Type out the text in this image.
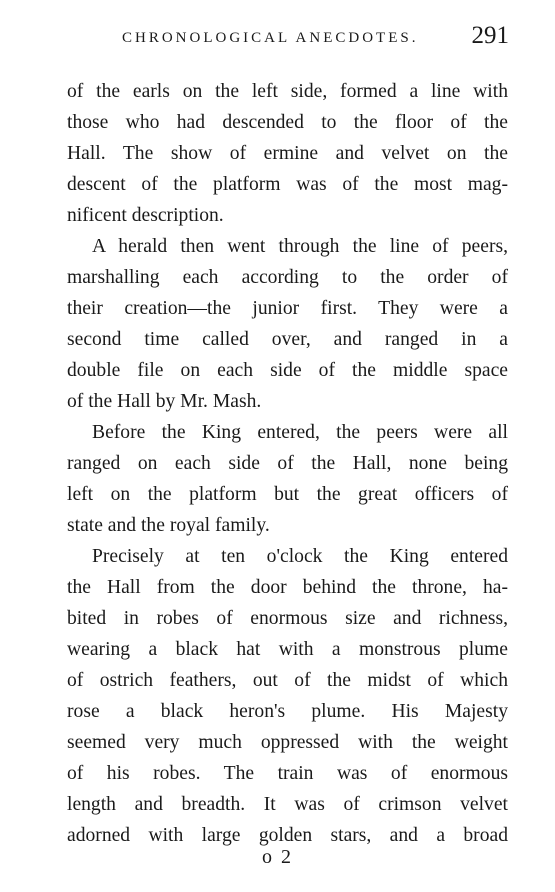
CHRONOLOGICAL ANECDOTES. 291
of the earls on the left side, formed a line with
those who had descended to the floor of the
Hall. The show of ermine and velvet on the
descent of the platform was of the most mag-
nificent description.
A herald then went through the line of peers,
marshalling each according to the order of
their creation—the junior first. They were a
second time called over, and ranged in a
double file on each side of the middle space
of the Hall by Mr. Mash.
Before the King entered, the peers were all
ranged on each side of the Hall, none being
left on the platform but the great officers of
state and the royal family.
Precisely at ten o'clock the King entered
the Hall from the door behind the throne, ha-
bited in robes of enormous size and richness,
wearing a black hat with a monstrous plume
of ostrich feathers, out of the midst of which
rose a black heron's plume. His Majesty
seemed very much oppressed with the weight
of his robes. The train was of enormous
length and breadth. It was of crimson velvet
adorned with large golden stars, and a broad
o 2
